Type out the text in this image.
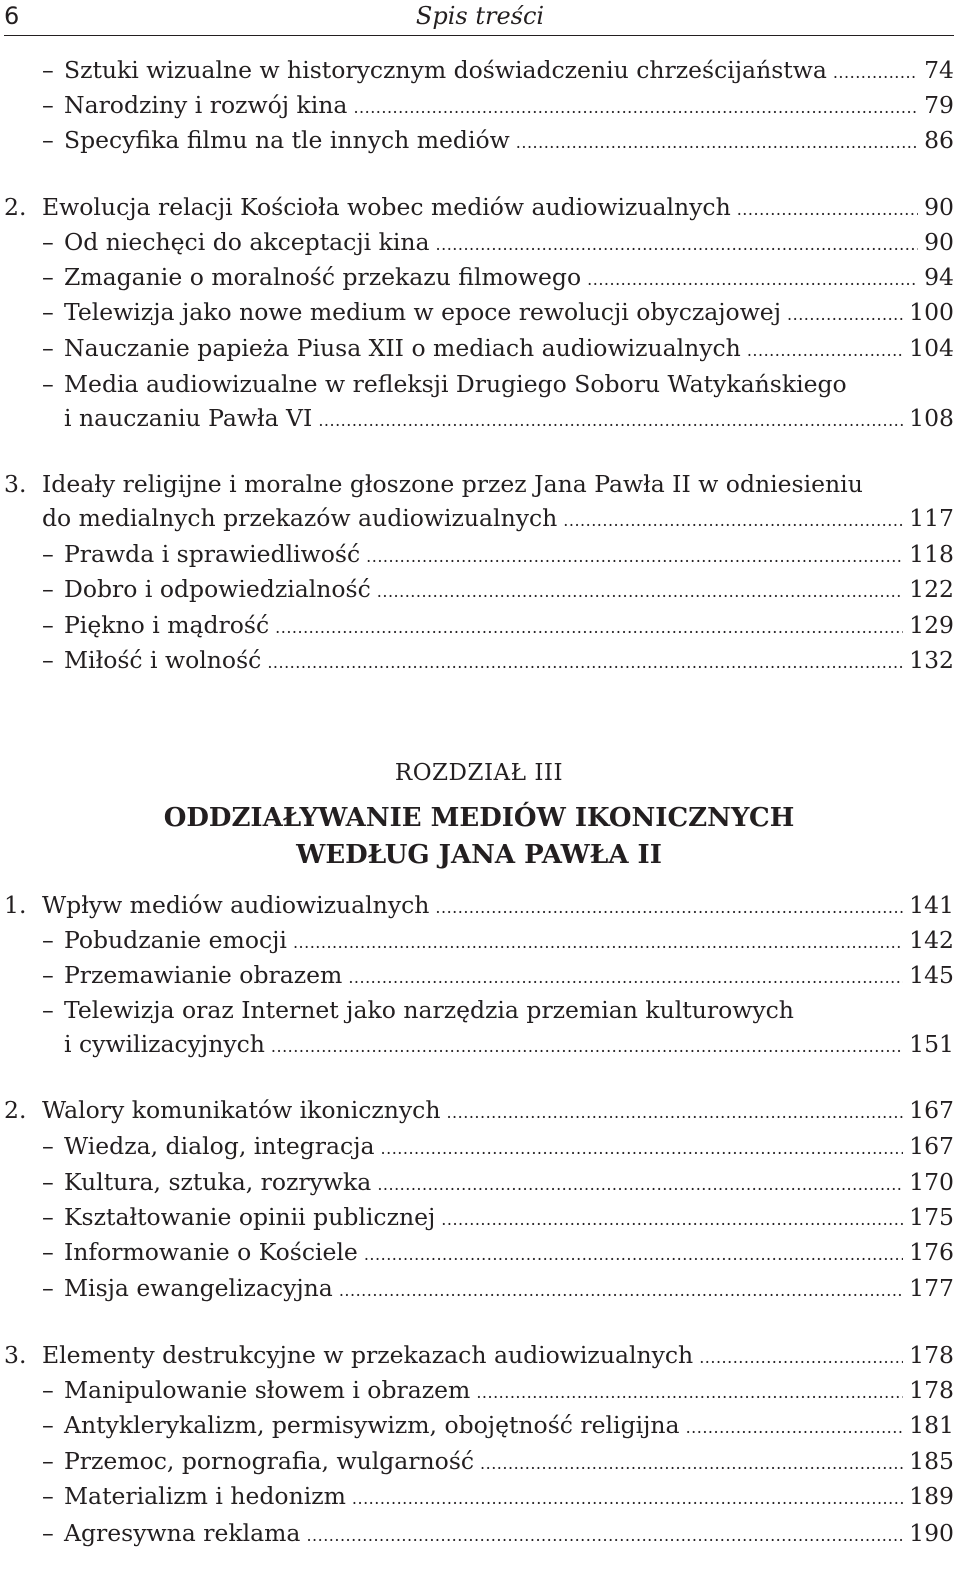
6	Spis treści
– Sztuki wizualne w historycznym doświadczeniu chrześcijaństwa .....	74
– Narodziny i rozwój kina .....	79
– Specyfika filmu na tle innych mediów .....	86
2. Ewolucja relacji Kościoła wobec mediów audiowizualnych .....	90
– Od niechęci do akceptacji kina .....	90
– Zmaganie o moralność przekazu filmowego .....	94
– Telewizja jako nowe medium w epoce rewolucji obyczajowej .....	100
– Nauczanie papieża Piusa XII o mediach audiowizualnych .....	104
– Media audiowizualne w refleksji Drugiego Soboru Watykańskiego
i nauczaniu Pawła VI .....	108
3. Ideały religijne i moralne głoszone przez Jana Pawła II w odniesieniu
do medialnych przekazów audiowizualnych .....	117
– Prawda i sprawiedliwość .....	118
– Dobro i odpowiedzialność .....	122
– Piękno i mądrość .....	129
– Miłość i wolność .....	132
1. Wpływ mediów audiowizualnych .....	141
– Pobudzanie emocji .....	142
– Przemawianie obrazem .....	145
– Telewizja oraz Internet jako narzędzia przemian kulturowych
i cywilizacyjnych .....	151
2. Walory komunikatów ikonicznych .....	167
– Wiedza, dialog, integracja .....	167
– Kultura, sztuka, rozrywka .....	170
– Kształtowanie opinii publicznej .....	175
– Informowanie o Kościele .....	176
– Misja ewangelizacyjna .....	177
3. Elementy destrukcyjne w przekazach audiowizualnych .....	178
– Manipulowanie słowem i obrazem .....	178
– Antyklerykalizm, permisywizm, obojętność religijna .....	181
– Przemoc, pornografia, wulgarność .....	185
– Materializm i hedonizm .....	189
– Agresywna reklama .....	190
ROZDZIAŁ III
ODDZIAŁYWANIE MEDIÓW IKONICZNYCH
WEDŁUG JANA PAWŁA II
